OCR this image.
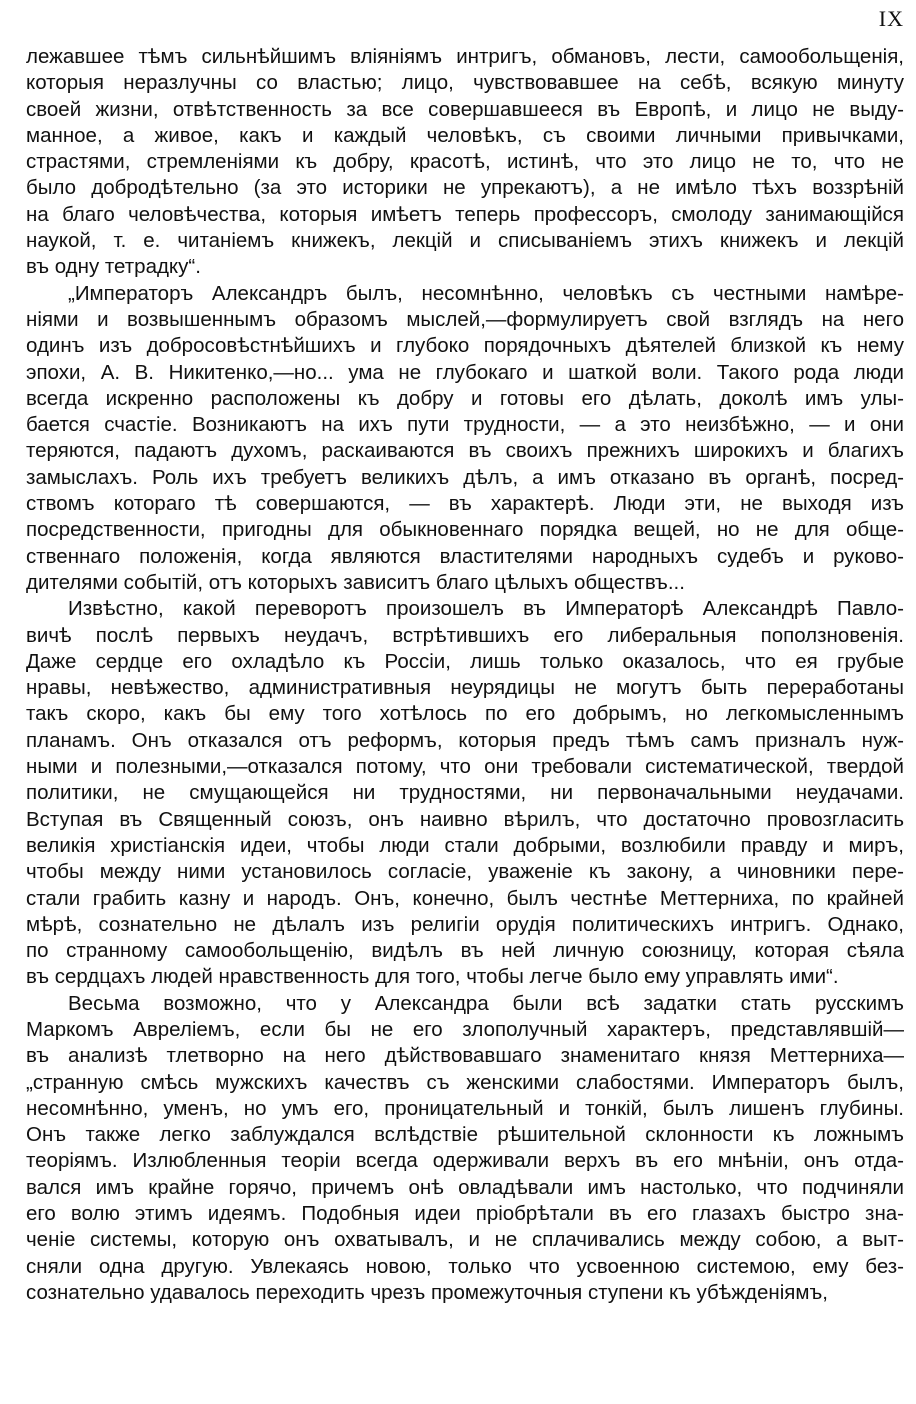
IX
лежавшее тѣмъ сильнѣйшимъ вліяніямъ интригъ, обмановъ, лести, самообольщенія,
которыя неразлучны со властью; лицо, чувствовавшее на себѣ, всякую минуту
своей жизни, отвѣтственность за все совершавшееся въ Европѣ, и лицо не выду-
манное, а живое, какъ и каждый человѣкъ, съ своими личными привычками,
страстями, стремленіями къ добру, красотѣ, истинѣ, что это лицо не то, что не
было добродѣтельно (за это историки не упрекаютъ), а не имѣло тѣхъ воззрѣній
на благо человѣчества, которыя имѣетъ теперь профессоръ, смолоду занимающійся
наукой, т. е. читаніемъ книжекъ, лекцій и списываніемъ этихъ книжекъ и лекцій
въ одну тетрадку“.
„Императоръ Александръ былъ, несомнѣнно, человѣкъ съ честными намѣре-
ніями и возвышеннымъ образомъ мыслей,—формулируетъ свой взглядъ на него
одинъ изъ добросовѣстнѣйшихъ и глубоко порядочныхъ дѣятелей близкой къ нему
эпохи, А. В. Никитенко,—но... ума не глубокаго и шаткой воли. Такого рода люди
всегда искренно расположены къ добру и готовы его дѣлать, доколѣ имъ улы-
бается счастіе. Возникаютъ на ихъ пути трудности, — а это неизбѣжно, — и они
теряются, падаютъ духомъ, раскаиваются въ своихъ прежнихъ широкихъ и благихъ
замыслахъ. Роль ихъ требуетъ великихъ дѣлъ, а имъ отказано въ органѣ, посред-
ствомъ котораго тѣ совершаются, — въ характерѣ. Люди эти, не выходя изъ
посредственности, пригодны для обыкновеннаго порядка вещей, но не для обще-
ственнаго положенія, когда являются властителями народныхъ судебъ и руково-
дителями событій, отъ которыхъ зависитъ благо цѣлыхъ обществъ...
Извѣстно, какой переворотъ произошелъ въ Императорѣ Александрѣ Павло-
вичѣ послѣ первыхъ неудачъ, встрѣтившихъ его либеральныя поползновенія.
Даже сердце его охладѣло къ Россіи, лишь только оказалось, что ея грубые
нравы, невѣжество, административныя неурядицы не могутъ быть переработаны
такъ скоро, какъ бы ему того хотѣлось по его добрымъ, но легкомысленнымъ
планамъ. Онъ отказался отъ реформъ, которыя предъ тѣмъ самъ призналъ нуж-
ными и полезными,—отказался потому, что они требовали систематической, твердой
политики, не смущающейся ни трудностями, ни первоначальными неудачами.
Вступая въ Священный союзъ, онъ наивно вѣрилъ, что достаточно провозгласить
великія христіанскія идеи, чтобы люди стали добрыми, возлюбили правду и миръ,
чтобы между ними установилось согласіе, уваженіе къ закону, а чиновники пере-
стали грабить казну и народъ. Онъ, конечно, былъ честнѣе Меттерниха, по крайней
мѣрѣ, сознательно не дѣлалъ изъ религіи орудія политическихъ интригъ. Однако,
по странному самообольщенію, видѣлъ въ ней личную союзницу, которая сѣяла
въ сердцахъ людей нравственность для того, чтобы легче было ему управлять ими“.
Весьма возможно, что у Александра были всѣ задатки стать русскимъ
Маркомъ Авреліемъ, если бы не его злополучный характеръ, представлявшій—
въ анализѣ тлетворно на него дѣйствовавшаго знаменитаго князя Меттерниха—
„странную смѣсь мужскихъ качествъ съ женскими слабостями. Императоръ былъ,
несомнѣнно, уменъ, но умъ его, проницательный и тонкій, былъ лишенъ глубины.
Онъ также легко заблуждался вслѣдствіе рѣшительной склонности къ ложнымъ
теоріямъ. Излюбленныя теоріи всегда одерживали верхъ въ его мнѣніи, онъ отда-
вался имъ крайне горячо, причемъ онѣ овладѣвали имъ настолько, что подчиняли
его волю этимъ идеямъ. Подобныя идеи пріобрѣтали въ его глазахъ быстро зна-
ченіе системы, которую онъ охватывалъ, и не сплачивались между собою, а выт-
сняли одна другую. Увлекаясь новою, только что усвоенною системою, ему без-
сознательно удавалось переходить чрезъ промежуточныя ступени къ убѣжденіямъ,
